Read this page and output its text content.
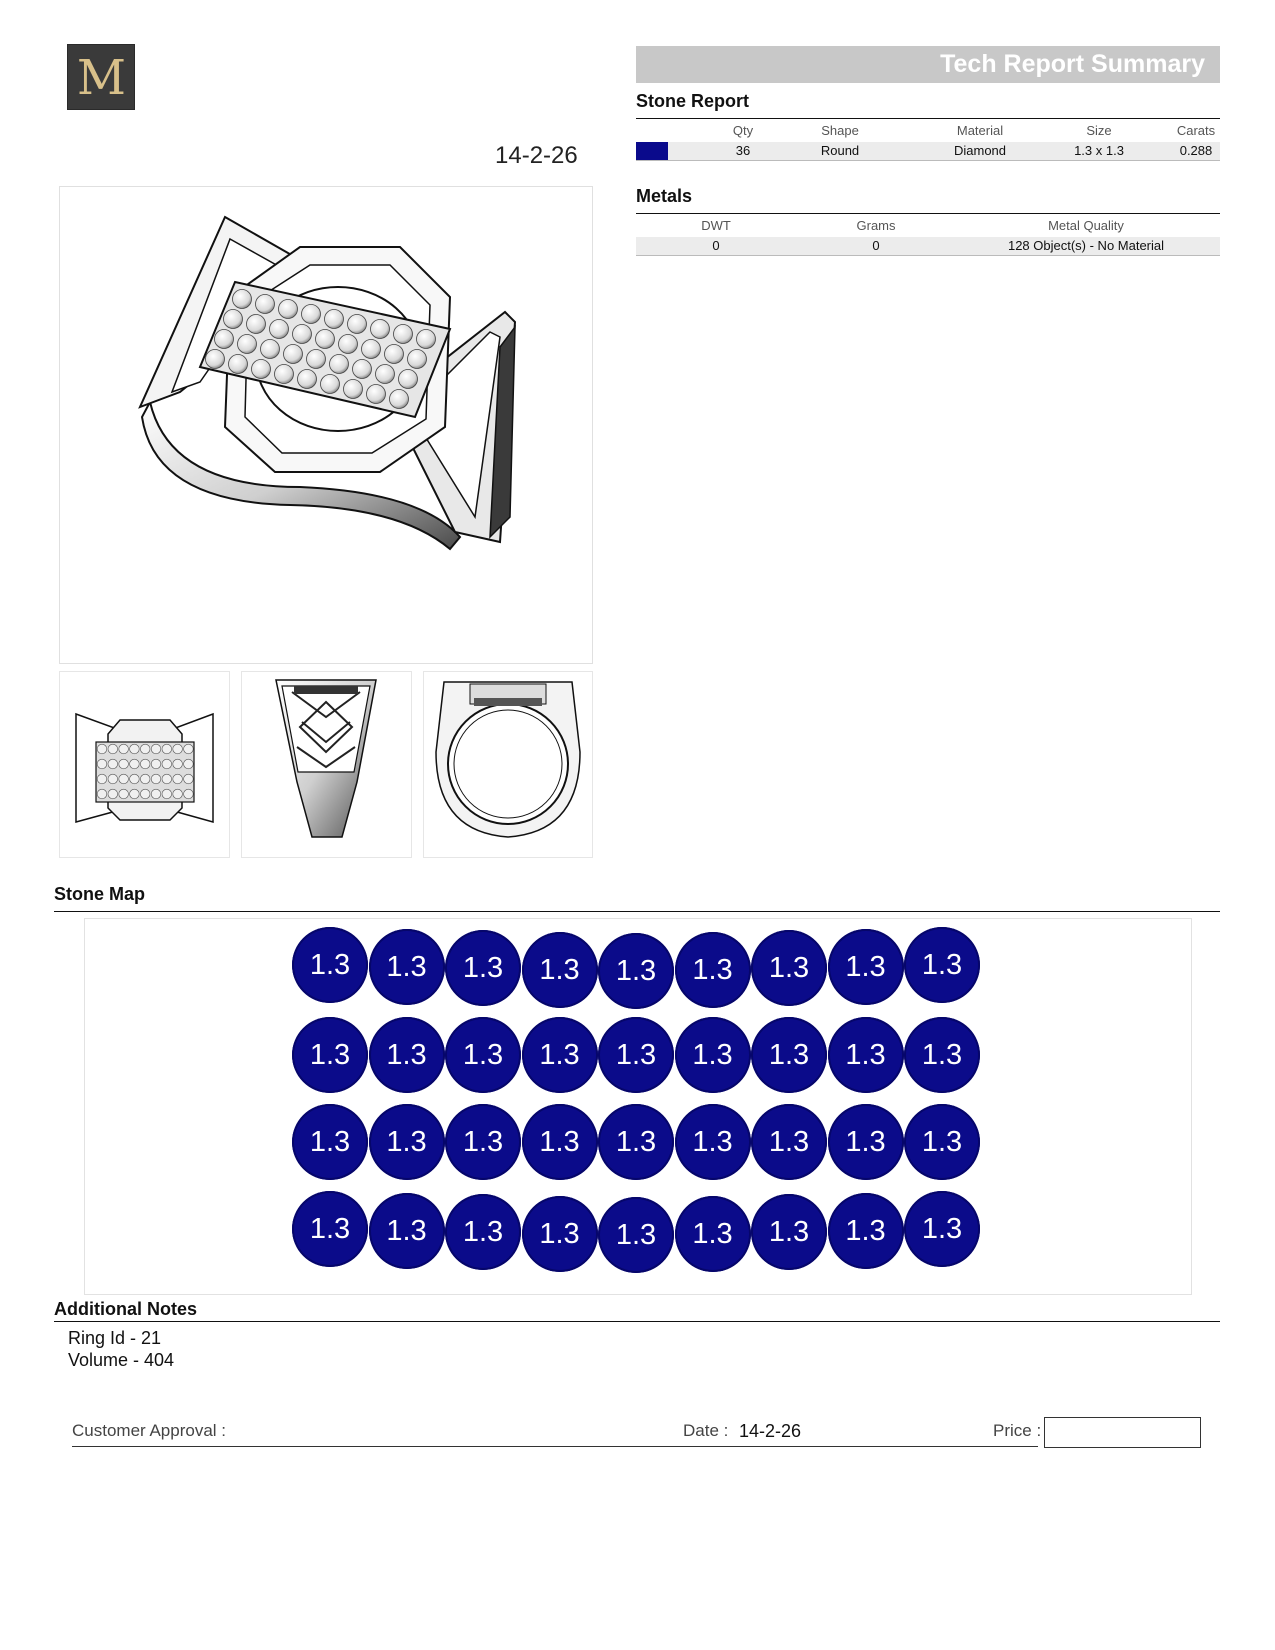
M
14-2-26
Tech Report Summary
Stone Report
Qty	Shape	Material	Size	Carats
36	Round	Diamond	1.3 x 1.3	0.288
Metals
DWT	Grams	Metal Quality
0	0	128 Object(s) - No Material
Stone Map
1.3	1.3	1.3	1.3	1.3	1.3	1.3	1.3	1.3
1.3	1.3	1.3	1.3	1.3	1.3	1.3	1.3	1.3
1.3	1.3	1.3	1.3	1.3	1.3	1.3	1.3	1.3
1.3	1.3	1.3	1.3	1.3	1.3	1.3	1.3	1.3
Additional Notes
Ring Id - 21
Volume - 404
Customer Approval :	Date : 14-2-26	Price :
